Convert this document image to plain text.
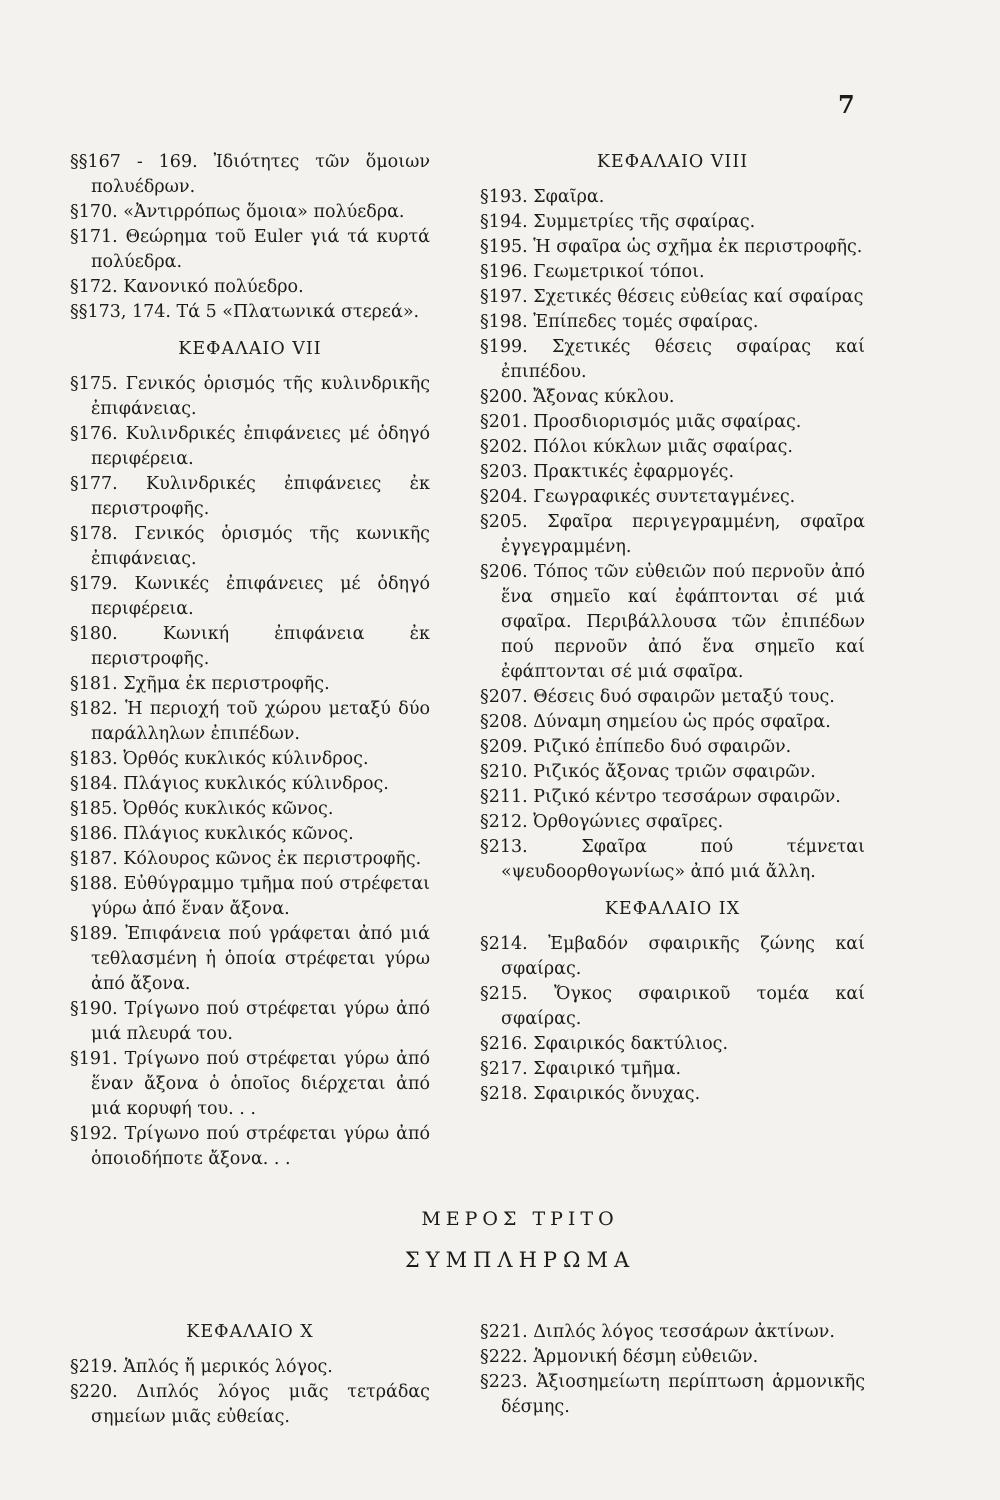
7
§§167 - 169. Ἰδιότητες τῶν ὅμοιων πολυέδρων.
§170. «Ἀντιρρόπως ὅμοια» πολύεδρα.
§171. Θεώρημα τοῦ Euler γιά τά κυρτά πολύεδρα.
§172. Κανονικό πολύεδρο.
§§173, 174. Τά 5 «Πλατωνικά στερεά».
ΚΕΦΑΛΑΙΟ VII
§175. Γενικός ὁρισμός τῆς κυλινδρικῆς ἐπιφάνειας.
§176. Κυλινδρικές ἐπιφάνειες μέ ὁδηγό περιφέρεια.
§177. Κυλινδρικές ἐπιφάνειες ἐκ περιστροφῆς.
§178. Γενικός ὁρισμός τῆς κωνικῆς ἐπιφάνειας.
§179. Κωνικές ἐπιφάνειες μέ ὁδηγό περιφέρεια.
§180. Κωνική ἐπιφάνεια ἐκ περιστροφῆς.
§181. Σχῆμα ἐκ περιστροφῆς.
§182. Ἡ περιοχή τοῦ χώρου μεταξύ δύο παράλληλων ἐπιπέδων.
§183. Ὀρθός κυκλικός κύλινδρος.
§184. Πλάγιος κυκλικός κύλινδρος.
§185. Ὀρθός κυκλικός κῶνος.
§186. Πλάγιος κυκλικός κῶνος.
§187. Κόλουρος κῶνος ἐκ περιστροφῆς.
§188. Εὐθύγραμμο τμῆμα πού στρέφεται γύρω ἀπό ἕναν ἄξονα.
§189. Ἐπιφάνεια πού γράφεται ἀπό μιά τεθλασμένη ἡ ὁποία στρέφεται γύρω ἀπό ἄξονα.
§190. Τρίγωνο πού στρέφεται γύρω ἀπό μιά πλευρά του.
§191. Τρίγωνο πού στρέφεται γύρω ἀπό ἕναν ἄξονα ὁ ὁποῖος διέρχεται ἀπό μιά κορυφή του. . .
§192. Τρίγωνο πού στρέφεται γύρω ἀπό ὁποιοδήποτε ἄξονα. . .
ΚΕΦΑΛΑΙΟ VIII
§193. Σφαῖρα.
§194. Συμμετρίες τῆς σφαίρας.
§195. Ἡ σφαῖρα ὡς σχῆμα ἐκ περιστροφῆς.
§196. Γεωμετρικοί τόποι.
§197. Σχετικές θέσεις εὐθείας καί σφαίρας
§198. Ἐπίπεδες τομές σφαίρας.
§199. Σχετικές θέσεις σφαίρας καί ἐπιπέδου.
§200. Ἄξονας κύκλου.
§201. Προσδιορισμός μιᾶς σφαίρας.
§202. Πόλοι κύκλων μιᾶς σφαίρας.
§203. Πρακτικές ἐφαρμογές.
§204. Γεωγραφικές συντεταγμένες.
§205. Σφαῖρα περιγεγραμμένη, σφαῖρα ἐγγεγραμμένη.
§206. Τόπος τῶν εὐθειῶν πού περνοῦν ἀπό ἕνα σημεῖο καί ἐφάπτονται σέ μιά σφαῖρα. Περιβάλλουσα τῶν ἐπιπέδων πού περνοῦν ἀπό ἕνα σημεῖο καί ἐφάπτονται σέ μιά σφαῖρα.
§207. Θέσεις δυό σφαιρῶν μεταξύ τους.
§208. Δύναμη σημείου ὡς πρός σφαῖρα.
§209. Ριζικό ἐπίπεδο δυό σφαιρῶν.
§210. Ριζικός ἄξονας τριῶν σφαιρῶν.
§211. Ριζικό κέντρο τεσσάρων σφαιρῶν.
§212. Ὀρθογώνιες σφαῖρες.
§213. Σφαῖρα πού τέμνεται «ψευδοορθογωνίως» ἀπό μιά ἄλλη.
ΚΕΦΑΛΑΙΟ IX
§214. Ἐμβαδόν σφαιρικῆς ζώνης καί σφαίρας.
§215. Ὄγκος σφαιρικοῦ τομέα καί σφαίρας.
§216. Σφαιρικός δακτύλιος.
§217. Σφαιρικό τμῆμα.
§218. Σφαιρικός ὄνυχας.
ΜΕΡΟΣ ΤΡΙΤΟ
ΣΥΜΠΛΗΡΩΜΑ
ΚΕΦΑΛΑΙΟ X
§219. Ἁπλός ἤ μερικός λόγος.
§220. Διπλός λόγος μιᾶς τετράδας σημείων μιᾶς εὐθείας.
§221. Διπλός λόγος τεσσάρων ἀκτίνων.
§222. Ἁρμονική δέσμη εὐθειῶν.
§223. Ἀξιοσημείωτη περίπτωση ἁρμονικῆς δέσμης.
